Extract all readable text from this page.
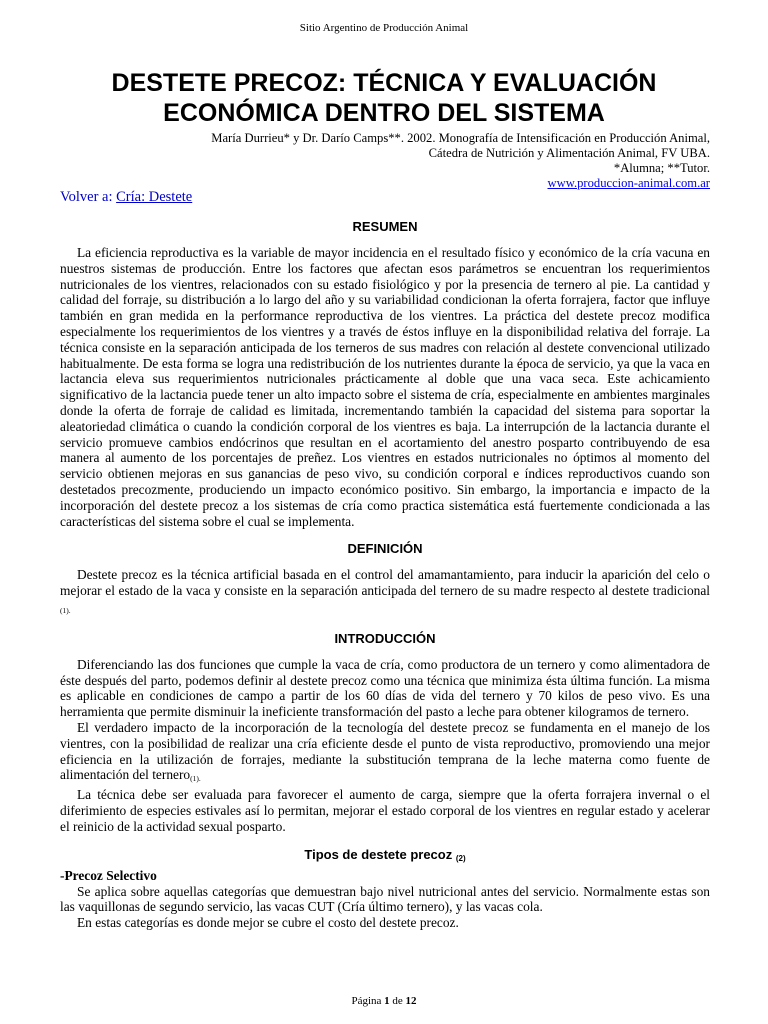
Sitio Argentino de Producción Animal
DESTETE PRECOZ: TÉCNICA Y EVALUACIÓN
ECONÓMICA DENTRO DEL SISTEMA
María Durrieu* y Dr. Darío Camps**. 2002. Monografía de Intensificación en Producción Animal,
Cátedra de Nutrición y Alimentación Animal, FV UBA.
*Alumna; **Tutor.
www.produccion-animal.com.ar
Volver a: Cría: Destete
RESUMEN

La eficiencia reproductiva es la variable de mayor incidencia en el resultado físico y económico de la cría vacuna en nuestros sistemas de producción. Entre los factores que afectan esos parámetros se encuentran los requerimientos nutricionales de los vientres, relacionados con su estado fisiológico y por la presencia de ternero al pie. La cantidad y calidad del forraje, su distribución a lo largo del año y su variabilidad condicionan la oferta forrajera, factor que influye también en gran medida en la performance reproductiva de los vientres. La práctica del destete precoz modifica especialmente los requerimientos de los vientres y a través de éstos influye en la disponibilidad relativa del forraje. La técnica consiste en la separación anticipada de los terneros de sus madres con relación al destete convencional utilizado habitualmente. De esta forma se logra una redistribución de los nutrientes durante la época de servicio, ya que la vaca en lactancia eleva sus requerimientos nutricionales prácticamente al doble que una vaca seca. Este achicamiento significativo de la lactancia puede tener un alto impacto sobre el sistema de cría, especialmente en ambientes marginales donde la oferta de forraje de calidad es limitada, incrementando también la capacidad del sistema para soportar la aleatoriedad climática o cuando la condición corporal de los vientres es baja. La interrupción de la lactancia durante el servicio promueve cambios endócrinos que resultan en el acortamiento del anestro posparto contribuyendo de esa manera al aumento de los porcentajes de preñez. Los vientres en estados nutricionales no óptimos al momento del servicio obtienen mejoras en sus ganancias de peso vivo, su condición corporal e índices reproductivos cuando son destetados precozmente, produciendo un impacto económico positivo. Sin embargo, la importancia e impacto de la incorporación del destete precoz a los sistemas de cría como practica sistemática está fuertemente condicionada a las características del sistema sobre el cual se implementa.

DEFINICIÓN

Destete precoz es la técnica artificial basada en el control del amamantamiento, para inducir la aparición del celo o mejorar el estado de la vaca y consiste en la separación anticipada del ternero de su madre respecto al destete tradicional (1).

INTRODUCCIÓN

Diferenciando las dos funciones que cumple la vaca de cría, como productora de un ternero y como alimentadora de éste después del parto, podemos definir al destete precoz como una técnica que minimiza ésta última función. La misma es aplicable en condiciones de campo a partir de los 60 días de vida del ternero y 70 kilos de peso vivo. Es una herramienta que permite disminuir la ineficiente transformación del pasto a leche para obtener kilogramos de ternero.

El verdadero impacto de la incorporación de la tecnología del destete precoz se fundamenta en el manejo de los vientres, con la posibilidad de realizar una cría eficiente desde el punto de vista reproductivo, promoviendo una mejor eficiencia en la utilización de forrajes, mediante la substitución temprana de la leche materna como fuente de alimentación del ternero(1).

La técnica debe ser evaluada para favorecer el aumento de carga, siempre que la oferta forrajera invernal o el diferimiento de especies estivales así lo permitan, mejorar el estado corporal de los vientres en regular estado y acelerar el reinicio de la actividad sexual posparto.

Tipos de destete precoz (2)

-Precoz Selectivo

Se aplica sobre aquellas categorías que demuestran bajo nivel nutricional antes del servicio. Normalmente estas son las vaquillonas de segundo servicio, las vacas CUT (Cría último ternero), y las vacas cola.

En estas categorías es donde mejor se cubre el costo del destete precoz.

Página 1 de 12
